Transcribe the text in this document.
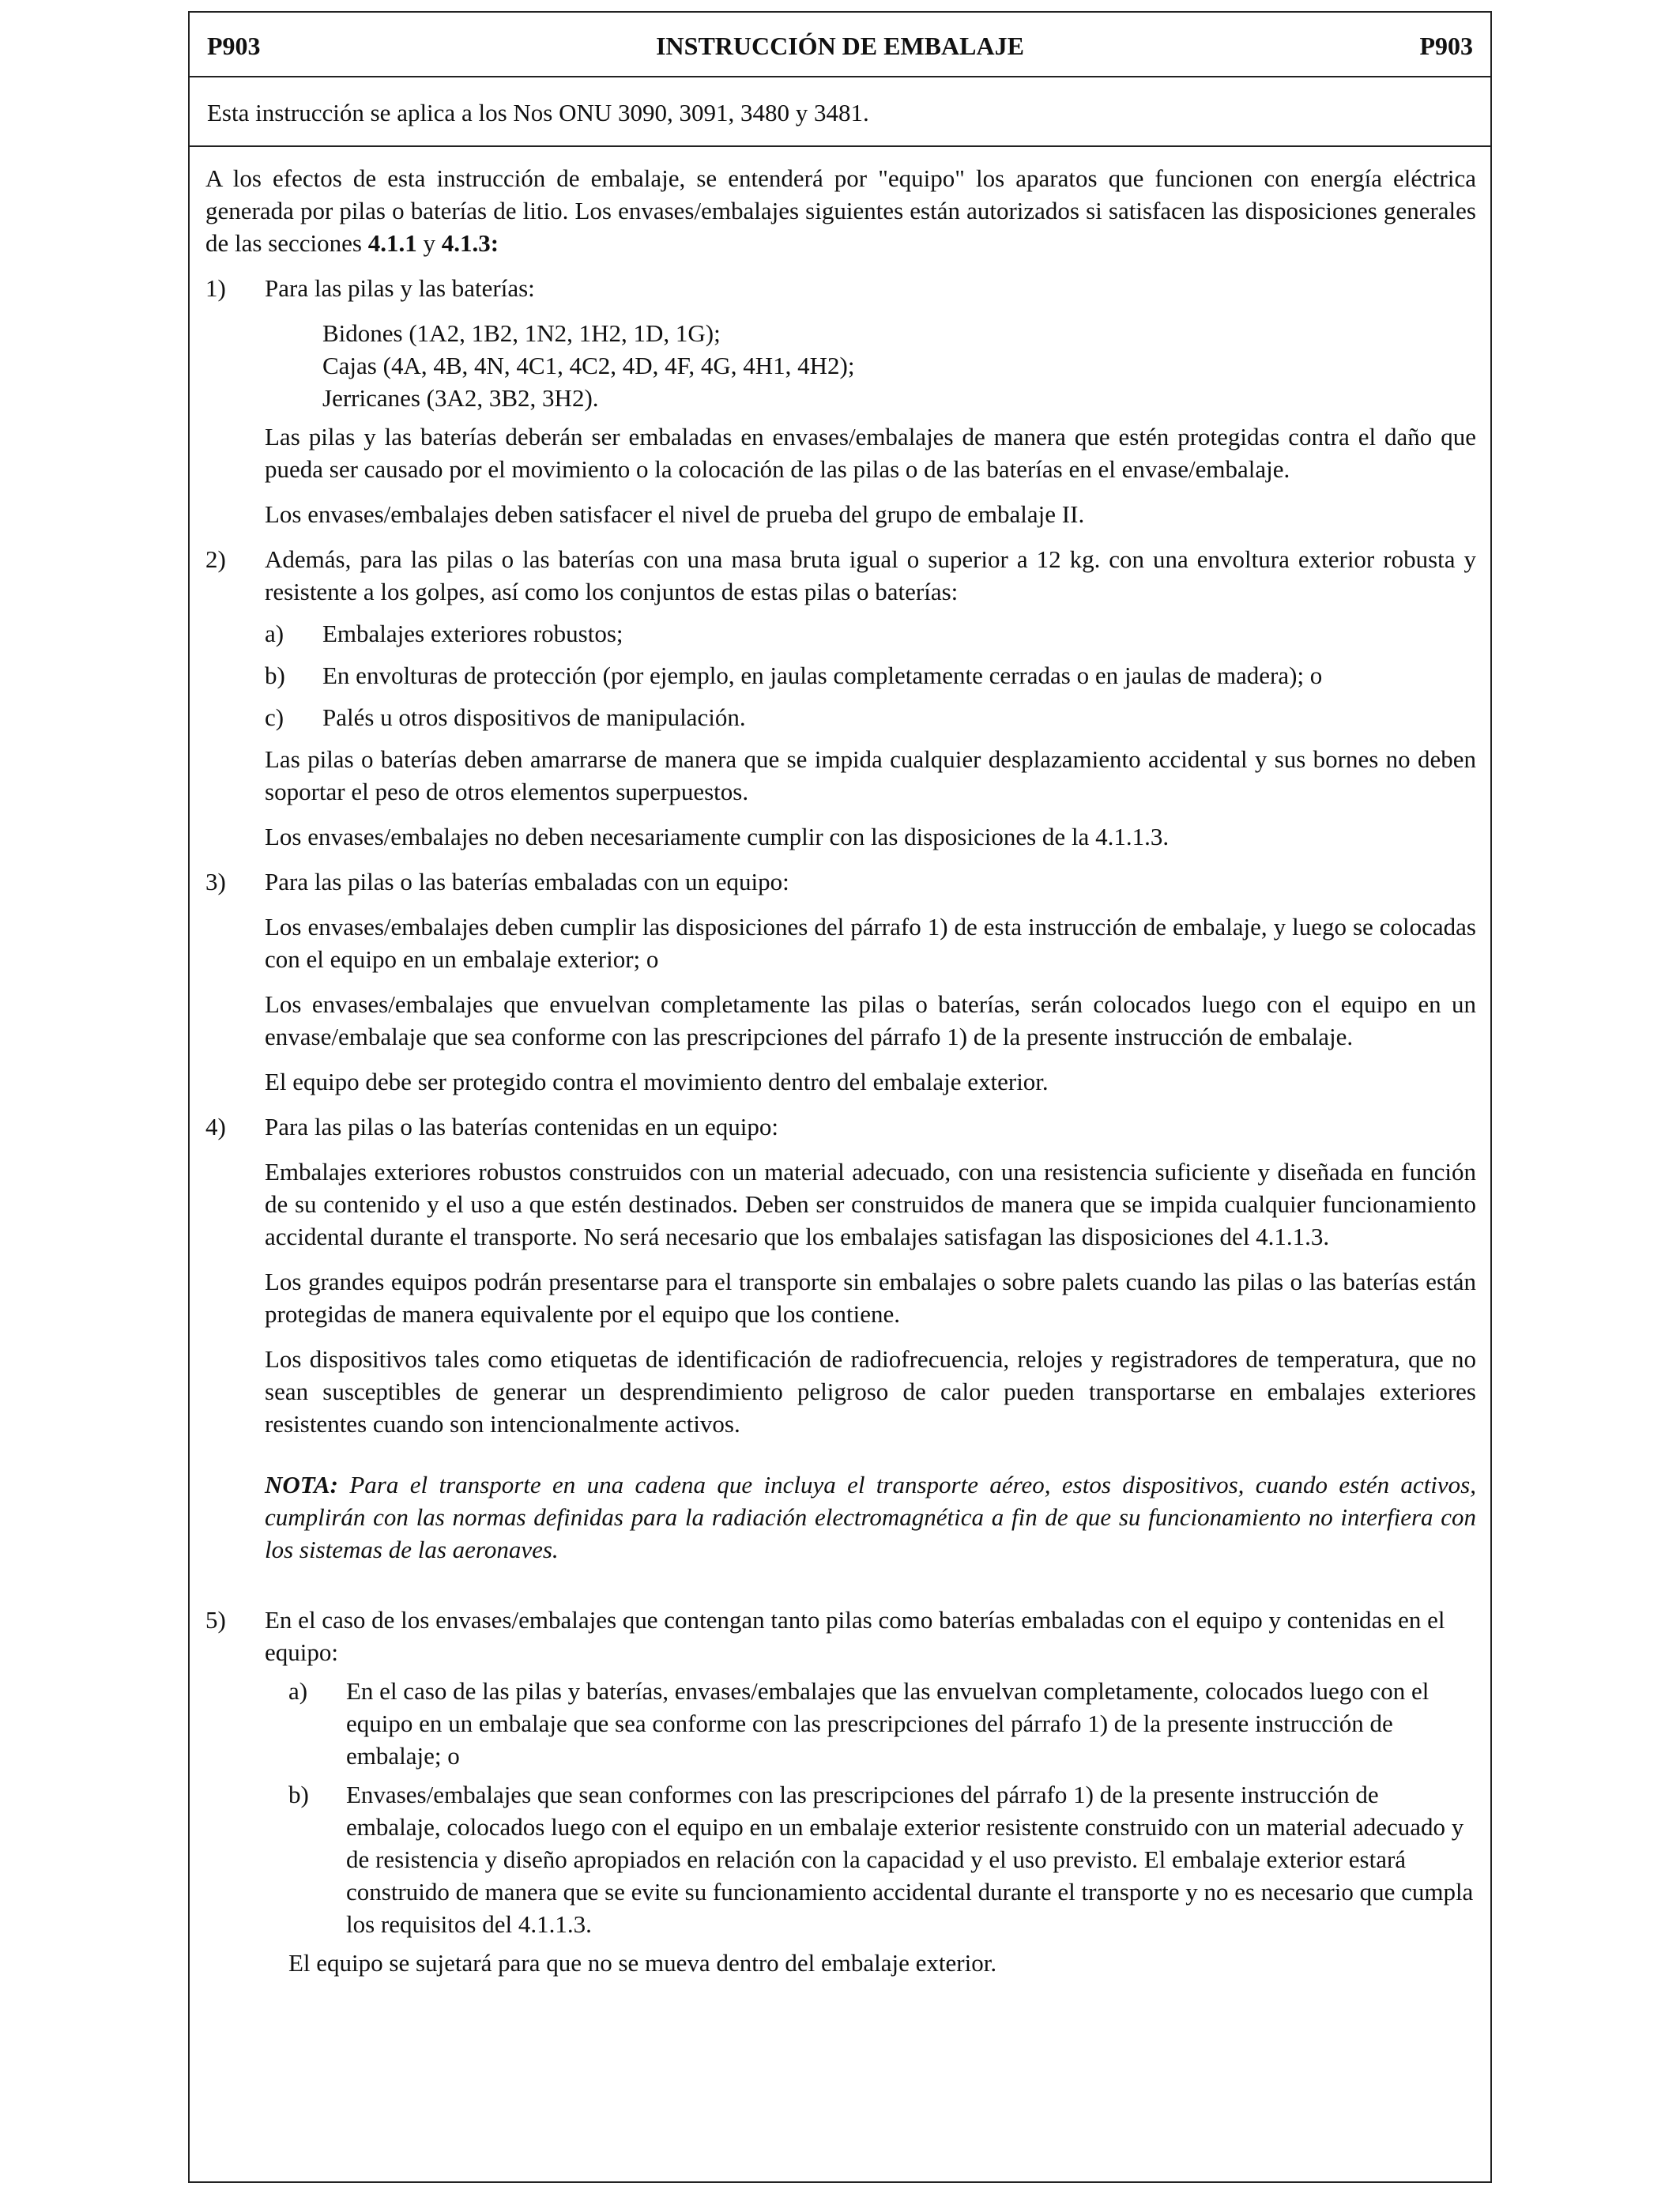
INSTRUCCIÓN DE EMBALAJE
P903	P903
Esta instrucción se aplica a los Nos ONU 3090, 3091, 3480 y 3481.

A los efectos de esta instrucción de embalaje, se entenderá por "equipo" los aparatos que funcionen con energía eléctrica generada por pilas o baterías de litio. Los envases/embalajes siguientes están autorizados si satisfacen las disposiciones generales de las secciones 4.1.1 y 4.1.3:

1)	Para las pilas y las baterías:

Bidones (1A2, 1B2, 1N2, 1H2, 1D, 1G);

Cajas (4A, 4B, 4N, 4C1, 4C2, 4D, 4F, 4G, 4H1, 4H2);

Jerricanes (3A2, 3B2, 3H2).

Las pilas y las baterías deberán ser embaladas en envases/embalajes de manera que estén protegidas contra el daño que pueda ser causado por el movimiento o la colocación de las pilas o de las baterías en el envase/embalaje.

Los envases/embalajes deben satisfacer el nivel de prueba del grupo de embalaje II.

2)	Además, para las pilas o las baterías con una masa bruta igual o superior a 12 kg. con una envoltura exterior robusta y resistente a los golpes, así como los conjuntos de estas pilas o baterías:
a)	Embalajes exteriores robustos;
b)	En envolturas de protección (por ejemplo, en jaulas completamente cerradas o en jaulas de madera); o
c)	Palés u otros dispositivos de manipulación.

Las pilas o baterías deben amarrarse de manera que se impida cualquier desplazamiento accidental y sus bornes no deben soportar el peso de otros elementos superpuestos.

Los envases/embalajes no deben necesariamente cumplir con las disposiciones de la 4.1.1.3.

3)	Para las pilas o las baterías embaladas con un equipo:

Los envases/embalajes deben cumplir las disposiciones del párrafo 1) de esta instrucción de embalaje, y luego se colocadas con el equipo en un embalaje exterior; o

Los envases/embalajes que envuelvan completamente las pilas o baterías, serán colocados luego con el equipo en un envase/embalaje que sea conforme con las prescripciones del párrafo 1) de la presente instrucción de embalaje.

El equipo debe ser protegido contra el movimiento dentro del embalaje exterior.

4)	Para las pilas o las baterías contenidas en un equipo:

Embalajes exteriores robustos construidos con un material adecuado, con una resistencia suficiente y diseñada en función de su contenido y el uso a que estén destinados. Deben ser construidos de manera que se impida cualquier funcionamiento accidental durante el transporte. No será necesario que los embalajes satisfagan las disposiciones del 4.1.1.3.

Los grandes equipos podrán presentarse para el transporte sin embalajes o sobre palets cuando las pilas o las baterías están protegidas de manera equivalente por el equipo que los contiene.

Los dispositivos tales como etiquetas de identificación de radiofrecuencia, relojes y registradores de temperatura, que no sean susceptibles de generar un desprendimiento peligroso de calor pueden transportarse en embalajes exteriores resistentes cuando son intencionalmente activos.

NOTA: Para el transporte en una cadena que incluya el transporte aéreo, estos dispositivos, cuando estén activos, cumplirán con las normas definidas para la radiación electromagnética a fin de que su funcionamiento no interfiera con los sistemas de las aeronaves.

5)	En el caso de los envases/embalajes que contengan tanto pilas como baterías embaladas con el equipo y contenidas en el equipo:
a)	En el caso de las pilas y baterías, envases/embalajes que las envuelvan completamente, colocados luego con el equipo en un embalaje que sea conforme con las prescripciones del párrafo 1) de la presente instrucción de embalaje; o
b)	Envases/embalajes que sean conformes con las prescripciones del párrafo 1) de la presente instrucción de embalaje, colocados luego con el equipo en un embalaje exterior resistente construido con un material adecuado y de resistencia y diseño apropiados en relación con la capacidad y el uso previsto. El embalaje exterior estará construido de manera que se evite su funcionamiento accidental durante el transporte y no es necesario que cumpla los requisitos del 4.1.1.3.

El equipo se sujetará para que no se mueva dentro del embalaje exterior.
